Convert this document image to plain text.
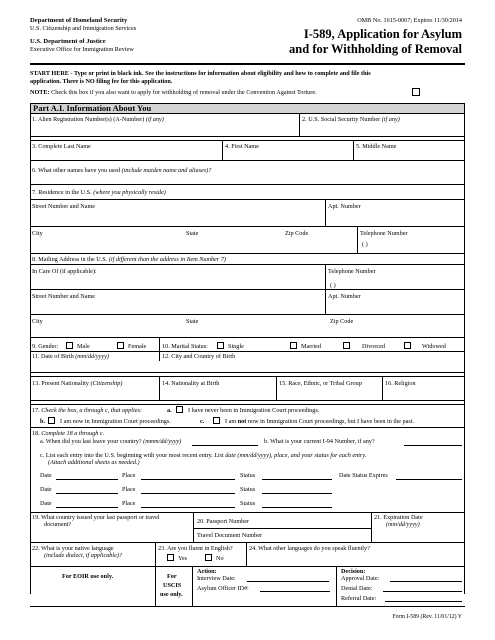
Department of Homeland Security
U.S. Citizenship and Immigration Services
U.S. Department of Justice
Executive Office for Immigration Review
OMB No. 1615-0067; Expires 11/30/2014
I-589, Application for Asylum
and for Withholding of Removal
START HERE - Type or print in black ink. See the instructions for information about eligibility and how to complete and file this
application. There is NO filing fee for this application.
NOTE: Check this box if you also want to apply for withholding of removal under the Convention Against Torture.
Part A.I. Information About You
1. Alien Registration Number(s) (A-Number) (if any)	2. U.S. Social Security Number (if any)
3. Complete Last Name	4. First Name	5. Middle Name
6. What other names have you used (include maiden name and aliases)?
7. Residence in the U.S. (where you physically reside)
Street Number and Name	Apt. Number
City	State	Zip Code	Telephone Number
( )
8. Mailing Address in the U.S. (if different than the address in Item Number 7)
In Care Of (if applicable):	Telephone Number
( )
Street Number and Name	Apt. Number
City	State	Zip Code
9. Gender:	Male	Female	10. Marital Status:	Single	Married	Divorced	Widowed
11. Date of Birth (mm/dd/yyyy)	12. City and Country of Birth
13. Present Nationality (Citizenship)	14. Nationality at Birth	15. Race, Ethnic, or Tribal Group	16. Religion
17. Check the box, a through c, that applies:	a.	I have never been in Immigration Court proceedings.
b. I am now in Immigration Court proceedings.	c.	I am not now in Immigration Court proceedings, but I have been in the past.
18. Complete 18 a through c.
a. When did you last leave your country? (mmm/dd/yyyy)	b. What is your current I-94 Number, if any?
c. List each entry into the U.S. beginning with your most recent entry. List date (mm/dd/yyyy), place, and your status for each entry.
(Attach additional sheets as needed.)
Date	Place	Status	Date Status Expires
Date	Place	Status
Date	Place	Status
19. What country issued your last passport or travel
document?	20. Passport Number
21. Expiration Date
(mm/dd/yyyy)
Travel Document Number
22. What is your native language
(include dialect, if applicable)?
23. Are you fluent in English?
Yes	No
24. What other languages do you speak fluently?
For EOIR use only.	For
USCIS
use only.
Action:
Interview Date:
Asylum Officer ID#:
Decision:
Approval Date:
Denial Date:
Referral Date:
Form I-589 (Rev. 11/01/12) Y
